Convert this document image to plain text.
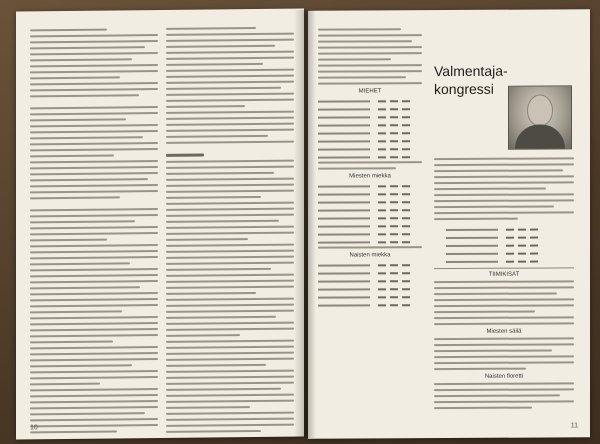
10
MIEHET
Miesten miekka
Naisten miekka
Valmentaja-
kongressi
TIIMIKISAT
Miesten säilä
Naisten floretti
11
